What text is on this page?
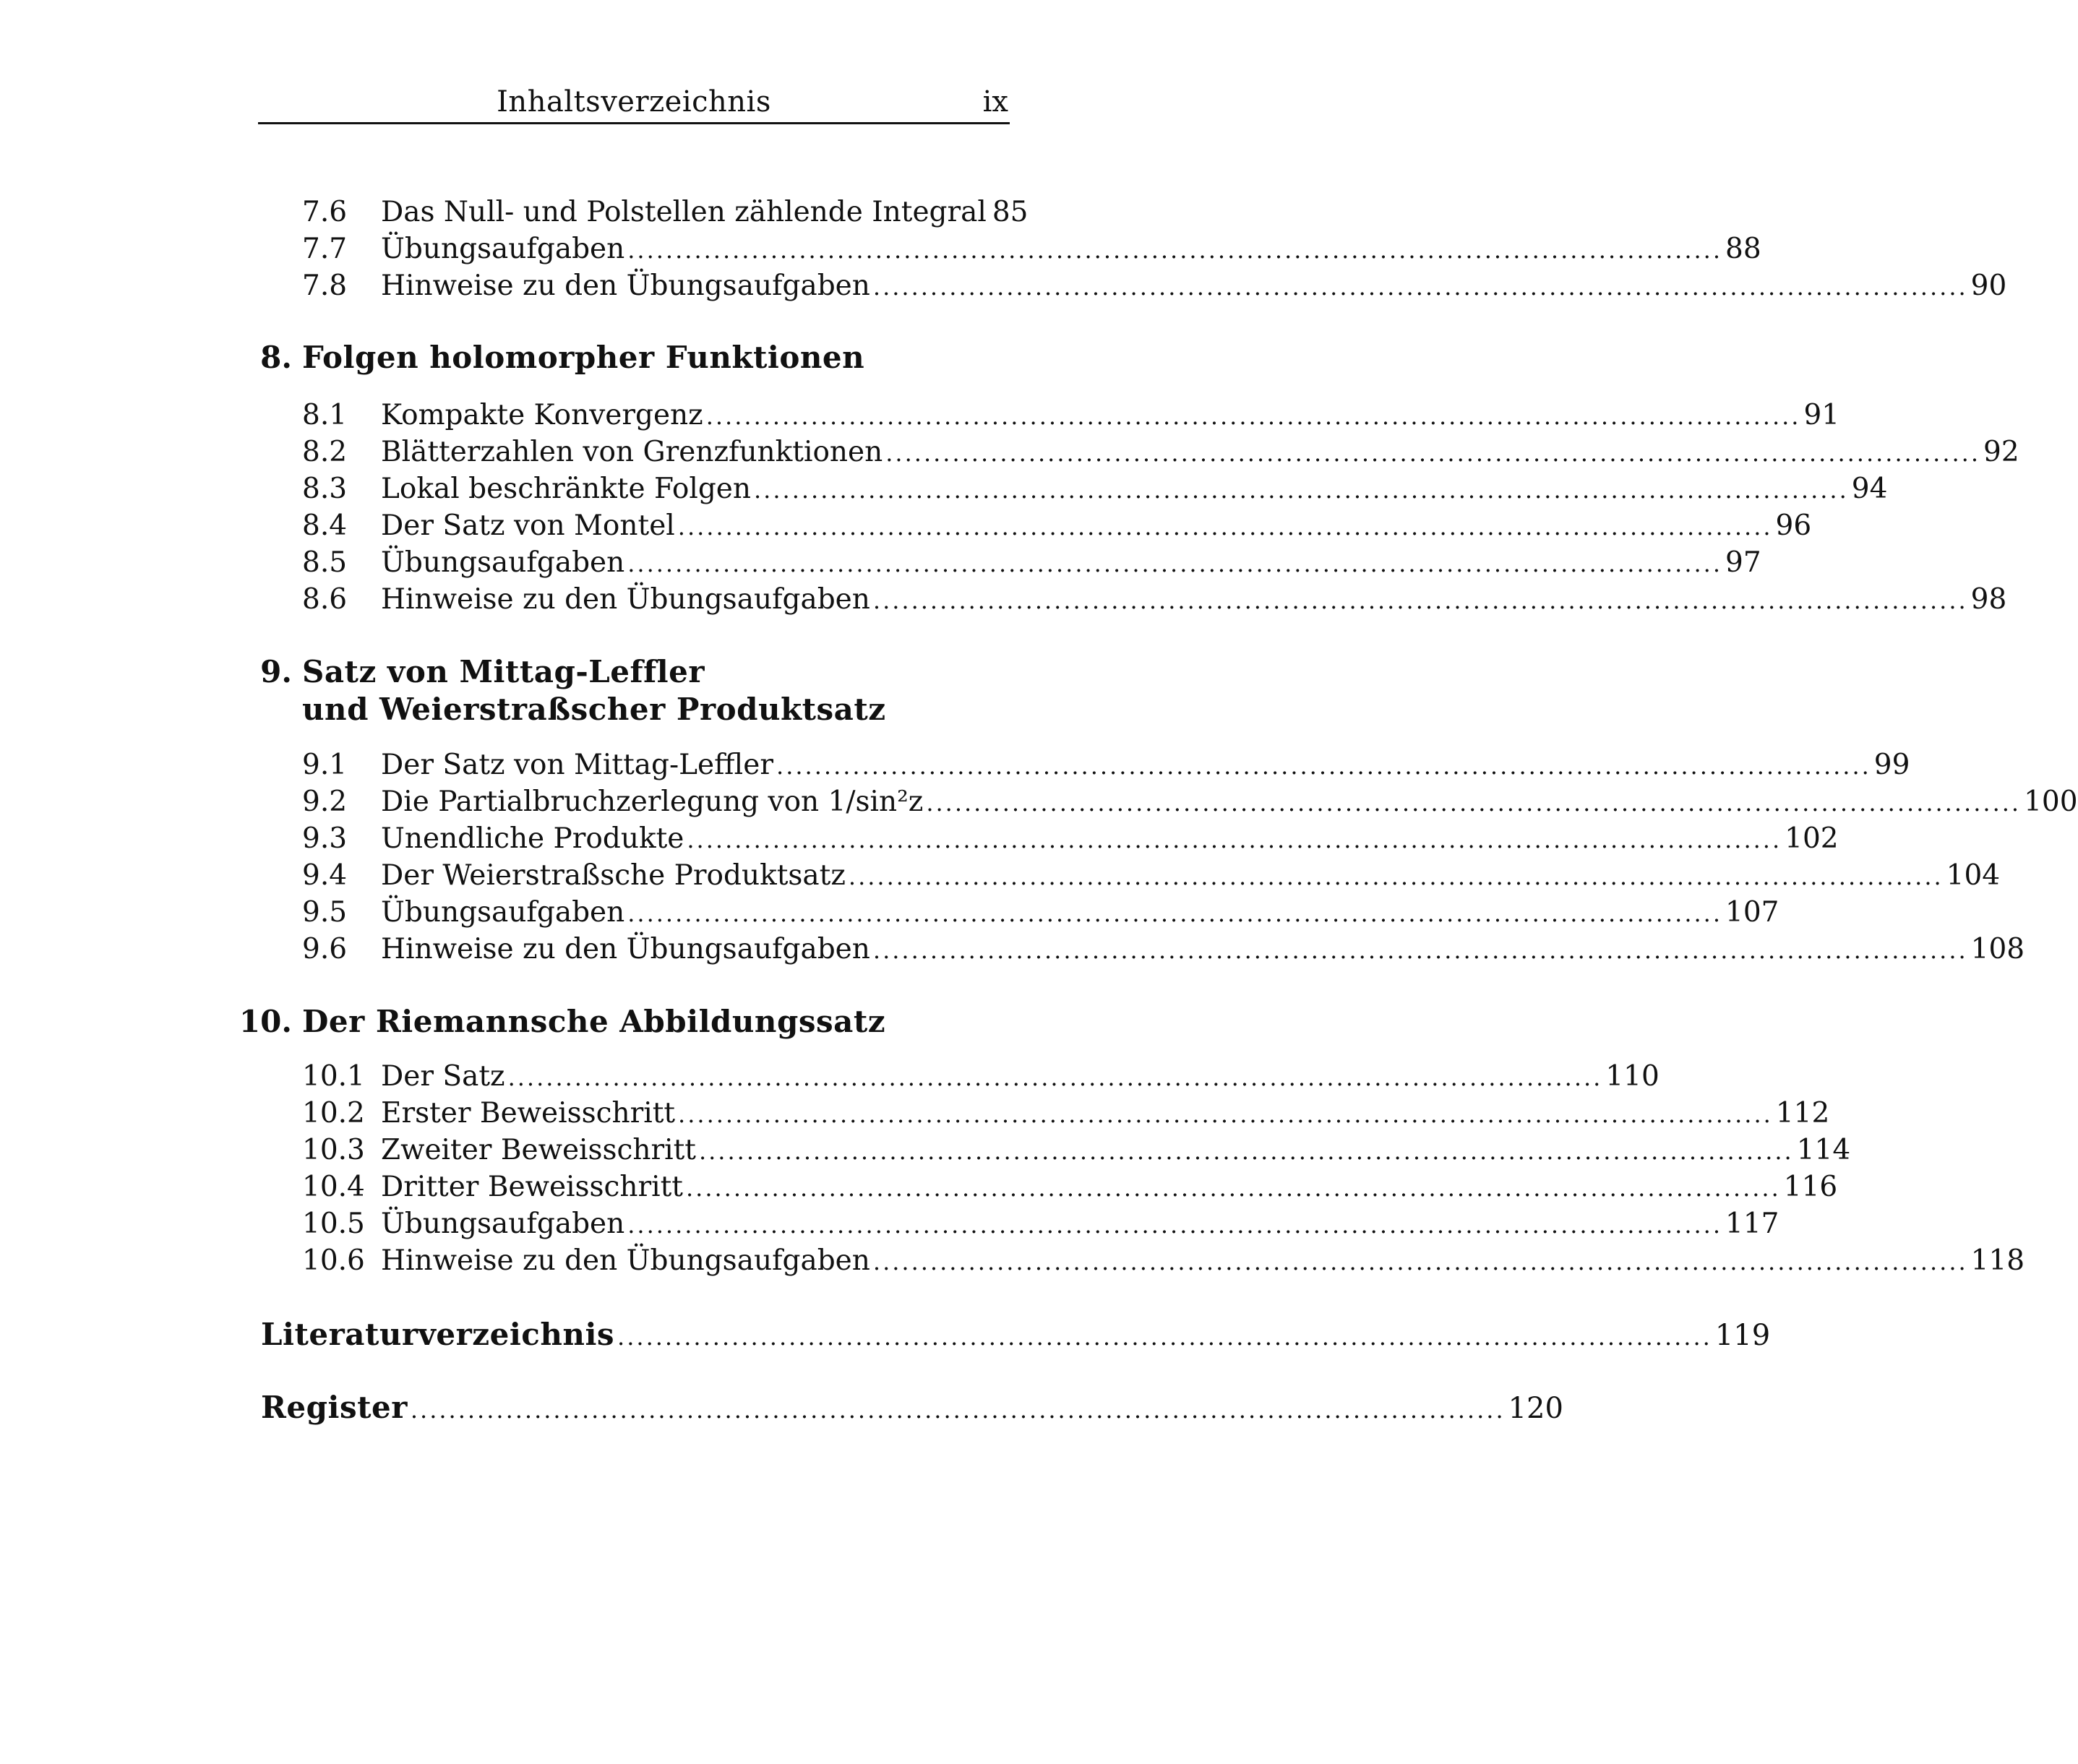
Inhaltsverzeichnis	ix
7.6 Das Null- und Polstellen zählende Integral 85
7.7 Übungsaufgaben ................................................................................................................... 88
7.8 Hinweise zu den Übungsaufgaben ................................................................................................................... 90
8. Folgen holomorpher Funktionen
8.1 Kompakte Konvergenz ................................................................................................................... 91
8.2 Blätterzahlen von Grenzfunktionen ................................................................................................................... 92
8.3 Lokal beschränkte Folgen ................................................................................................................... 94
8.4 Der Satz von Montel ................................................................................................................... 96
8.5 Übungsaufgaben ................................................................................................................... 97
8.6 Hinweise zu den Übungsaufgaben ................................................................................................................... 98
9. Satz von Mittag-Leffler
und Weierstraßscher Produktsatz
9.1 Der Satz von Mittag-Leffler ................................................................................................................... 99
9.2 Die Partialbruchzerlegung von 1/sin²z ................................................................................................................... 100
9.3 Unendliche Produkte ................................................................................................................... 102
9.4 Der Weierstraßsche Produktsatz ................................................................................................................... 104
9.5 Übungsaufgaben ................................................................................................................... 107
9.6 Hinweise zu den Übungsaufgaben ................................................................................................................... 108
10. Der Riemannsche Abbildungssatz
10.1 Der Satz ................................................................................................................... 110
10.2 Erster Beweisschritt ................................................................................................................... 112
10.3 Zweiter Beweisschritt ................................................................................................................... 114
10.4 Dritter Beweisschritt ................................................................................................................... 116
10.5 Übungsaufgaben ................................................................................................................... 117
10.6 Hinweise zu den Übungsaufgaben ................................................................................................................... 118
Literaturverzeichnis ................................................................................................................... 119
Register ................................................................................................................... 120
